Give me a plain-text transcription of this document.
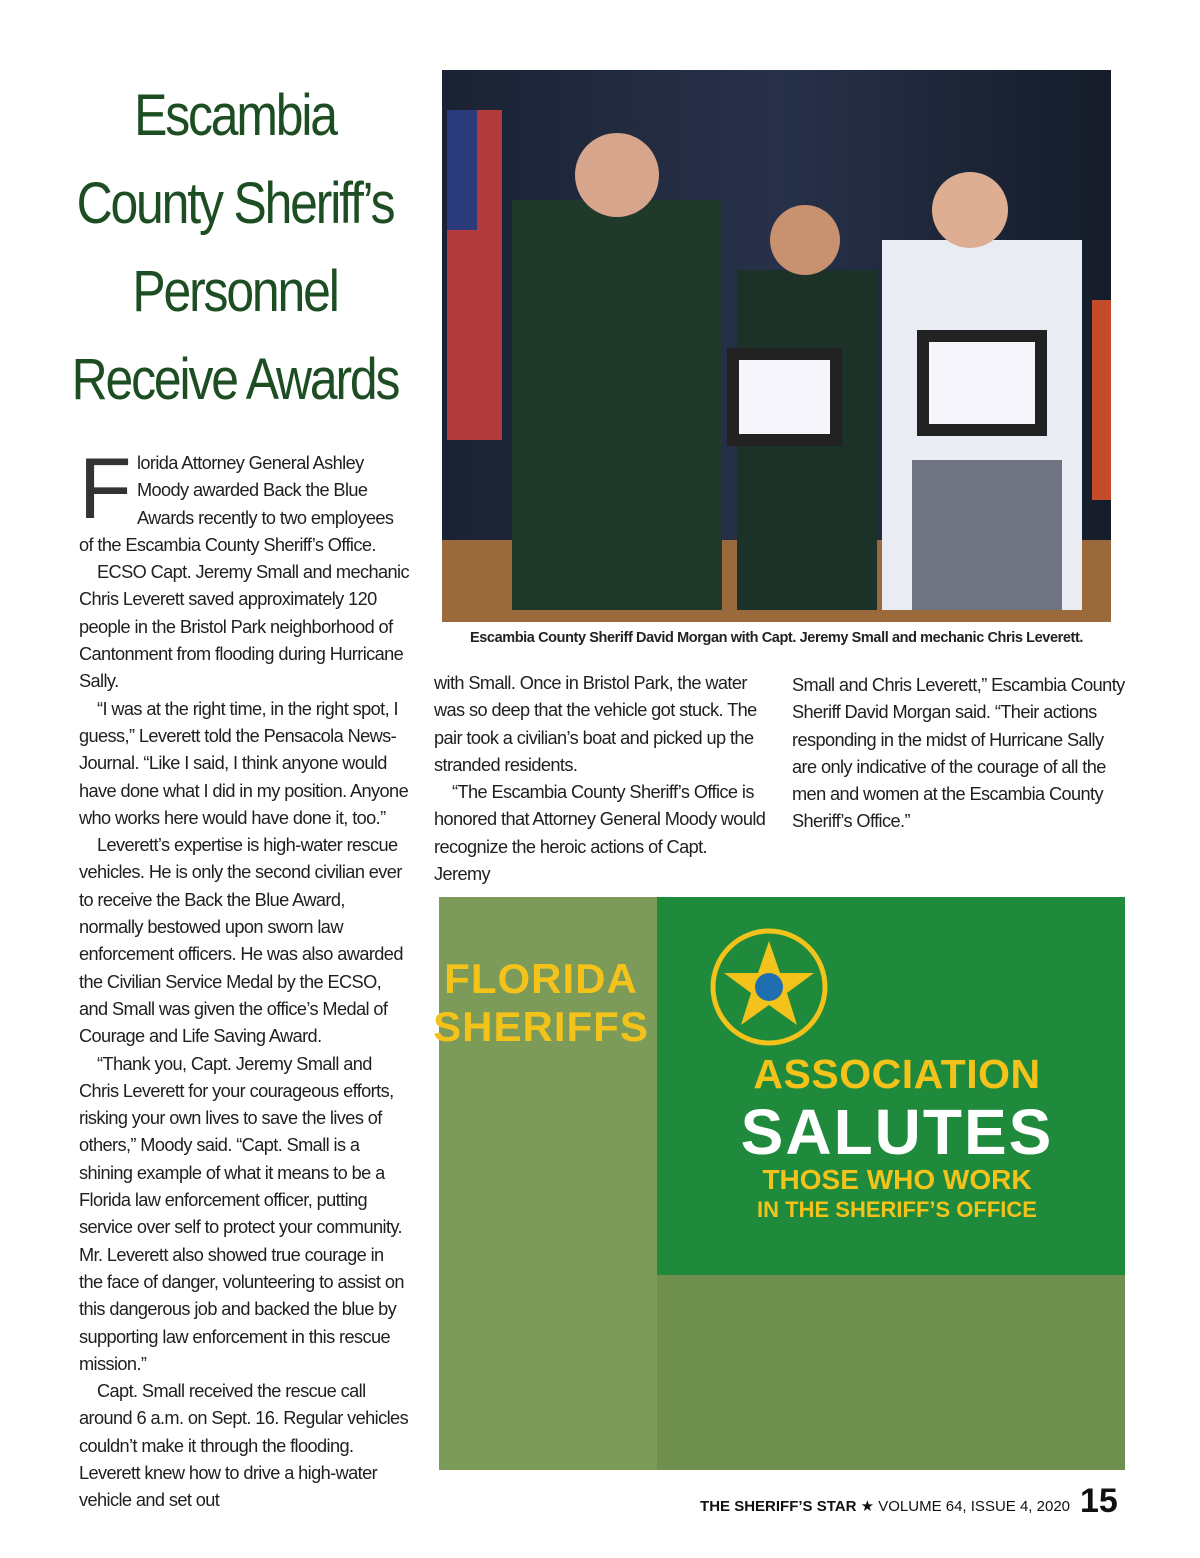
Escambia
County Sheriff’s
Personnel
Receive Awards

Florida Attorney General Ashley Moody awarded Back the Blue Awards recently to two employees of the Escambia County Sheriff’s Office.

ECSO Capt. Jeremy Small and mechanic Chris Leverett saved approximately 120 people in the Bristol Park neighborhood of Cantonment from flooding during Hurricane Sally.

“I was at the right time, in the right spot, I guess,” Leverett told the Pensacola News-Journal. “Like I said, I think anyone would have done what I did in my position. Anyone who works here would have done it, too.”

Leverett’s expertise is high-water rescue vehicles. He is only the second civilian ever to receive the Back the Blue Award, normally bestowed upon sworn law enforcement officers. He was also awarded the Civilian Service Medal by the ECSO, and Small was given the office’s Medal of Courage and Life Saving Award.

“Thank you, Capt. Jeremy Small and Chris Leverett for your courageous efforts, risking your own lives to save the lives of others,” Moody said. “Capt. Small is a shining example of what it means to be a Florida law enforcement officer, putting service over self to protect your community. Mr. Leverett also showed true courage in the face of danger, volunteering to assist on this dangerous job and backed the blue by supporting law enforcement in this rescue mission.”

Capt. Small received the rescue call around 6 a.m. on Sept. 16. Regular vehicles couldn’t make it through the flooding. Leverett knew how to drive a high-water vehicle and set out

Escambia County Sheriff David Morgan with Capt. Jeremy Small and mechanic Chris Leverett.

with Small. Once in Bristol Park, the water was so deep that the vehicle got stuck. The pair took a civilian’s boat and picked up the stranded residents.

“The Escambia County Sheriff’s Office is honored that Attorney General Moody would recognize the heroic actions of Capt. Jeremy

Small and Chris Leverett,” Escambia County Sheriff David Morgan said. “Their actions responding in the midst of Hurricane Sally are only indicative of the courage of all the men and women at the Escambia County Sheriff’s Office.”

FLORIDA
SHERIFFS
ASSOCIATION
SALUTES
THOSE WHO WORK
IN THE SHERIFF’S OFFICE
THE SHERIFF’S STAR ★ VOLUME 64, ISSUE 4, 2020 15
